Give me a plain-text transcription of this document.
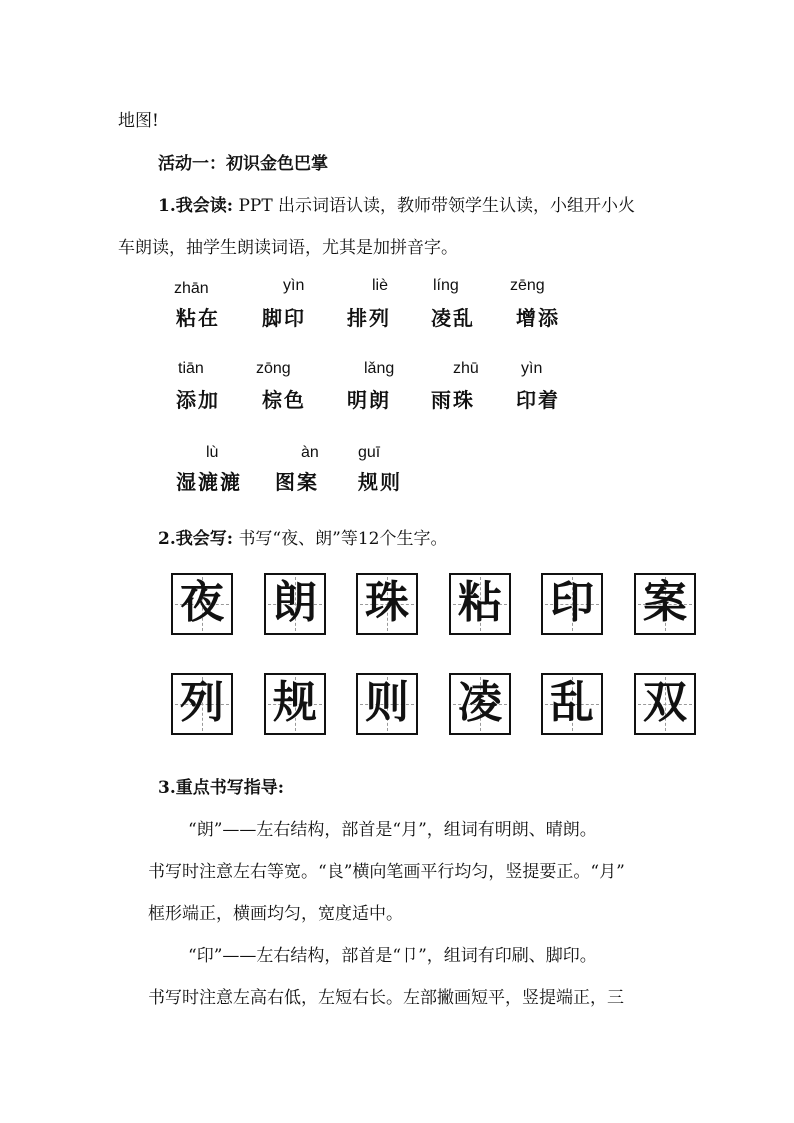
地图!
活动一：初识金色巴掌
1.我会读: PPT 出示词语认读，教师带领学生认读，小组开小火
车朗读，抽学生朗读词语，尤其是加拼音字。
zhān	yìn	liè	líng	zēng
粘在 脚印 排列 凌乱 增添
tiān	zōng	lǎng	zhū	yìn
添加 棕色 明朗 雨珠 印着
lù	àn guī
湿漉漉 图案 规则
2.我会写: 书写“夜、朗”等12个生字。
夜 朗 珠 粘 印 案
列 规 则 凌 乱 双
3.重点书写指导:
“朗”——左右结构，部首是“月”，组词有明朗、晴朗。
书写时注意左右等宽。“良”横向笔画平行均匀，竖提要正。“月”
框形端正，横画均匀，宽度适中。
“印”——左右结构，部首是“卩”，组词有印刷、脚印。
书写时注意左高右低，左短右长。左部撇画短平，竖提端正，三
